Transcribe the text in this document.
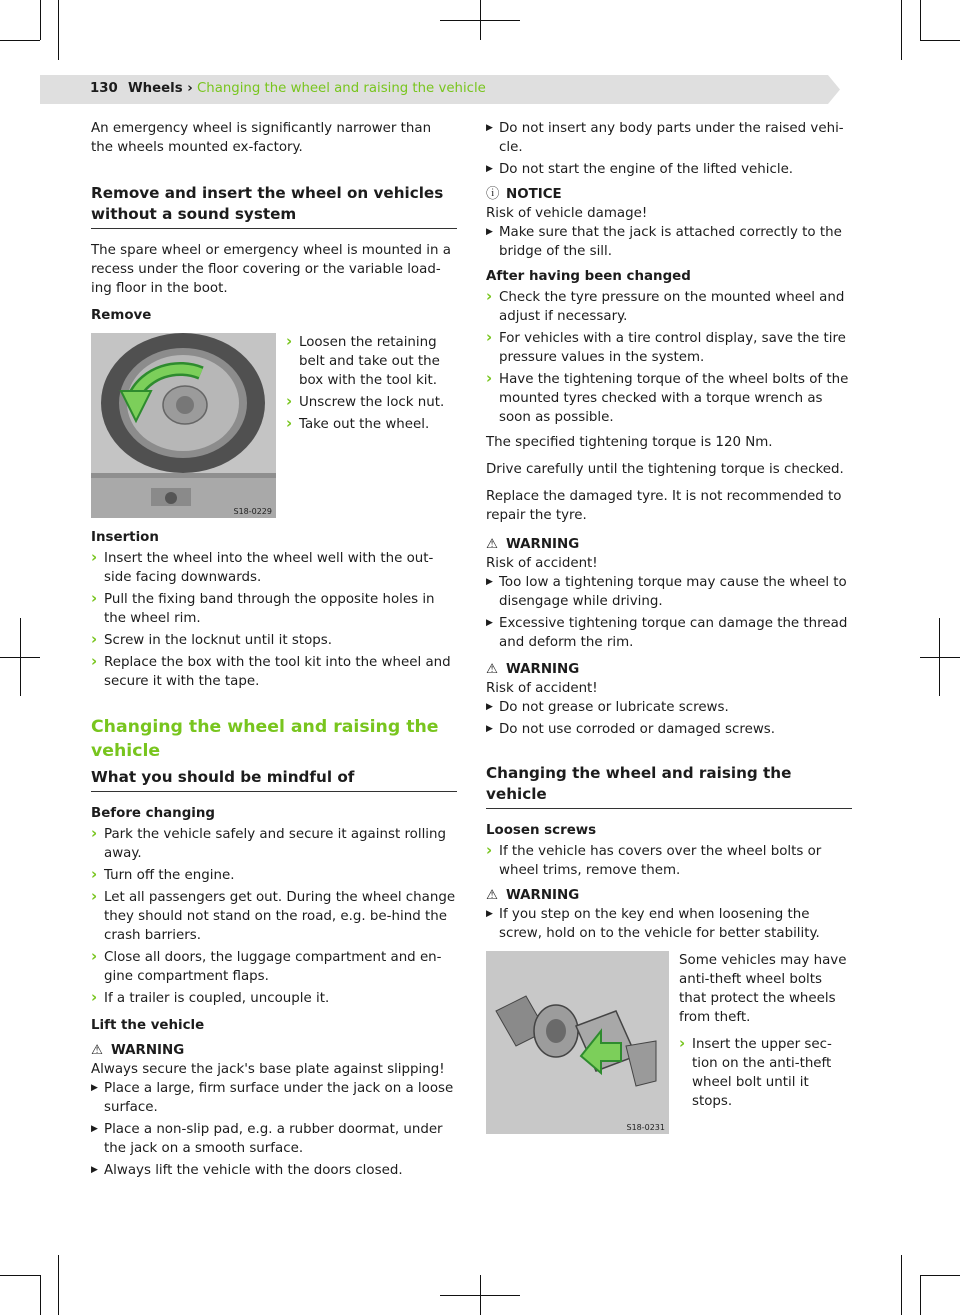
130 Wheels › Changing the wheel and raising the vehicle

An emergency wheel is significantly narrower than the wheels mounted ex-factory.

Remove and insert the wheel on vehicles without a sound system

The spare wheel or emergency wheel is mounted in a recess under the floor covering or the variable load-ing floor in the boot.

Remove
S18-0229
› Loosen the retaining belt and take out the box with the tool kit.
› Unscrew the lock nut.
› Take out the wheel.
Insertion
› Insert the wheel into the wheel well with the out-side facing downwards.
› Pull the fixing band through the opposite holes in the wheel rim.
› Screw in the locknut until it stops.
› Replace the box with the tool kit into the wheel and secure it with the tape.
Changing the wheel and raising the vehicle
What you should be mindful of
Before changing
› Park the vehicle safely and secure it against rolling away.
› Turn off the engine.
› Let all passengers get out. During the wheel change they should not stand on the road, e.g. be-hind the crash barriers.
› Close all doors, the luggage compartment and en-gine compartment flaps.
› If a trailer is coupled, uncouple it.
Lift the vehicle
⚠ WARNING
Always secure the jack's base plate against slipping!
▶ Place a large, firm surface under the jack on a loose surface.
▶ Place a non-slip pad, e.g. a rubber doormat, under the jack on a smooth surface.
▶ Always lift the vehicle with the doors closed.
▶ Do not insert any body parts under the raised vehi-cle.
▶ Do not start the engine of the lifted vehicle.
ⓘ NOTICE
Risk of vehicle damage!
▶ Make sure that the jack is attached correctly to the bridge of the sill.
After having been changed
› Check the tyre pressure on the mounted wheel and adjust if necessary.
› For vehicles with a tire control display, save the tire pressure values in the system.
› Have the tightening torque of the wheel bolts of the mounted tyres checked with a torque wrench as soon as possible.

The specified tightening torque is 120 Nm.

Drive carefully until the tightening torque is checked.

Replace the damaged tyre. It is not recommended to repair the tyre.

⚠ WARNING
Risk of accident!
▶ Too low a tightening torque may cause the wheel to disengage while driving.
▶ Excessive tightening torque can damage the thread and deform the rim.
⚠ WARNING
Risk of accident!
▶ Do not grease or lubricate screws.
▶ Do not use corroded or damaged screws.
Changing the wheel and raising the vehicle
Loosen screws
› If the vehicle has covers over the wheel bolts or wheel trims, remove them.
⚠ WARNING
▶ If you step on the key end when loosening the screw, hold on to the vehicle for better stability.
S18-0231

Some vehicles may have anti-theft wheel bolts that protect the wheels from theft.

› Insert the upper sec-tion on the anti-theft wheel bolt until it stops.
